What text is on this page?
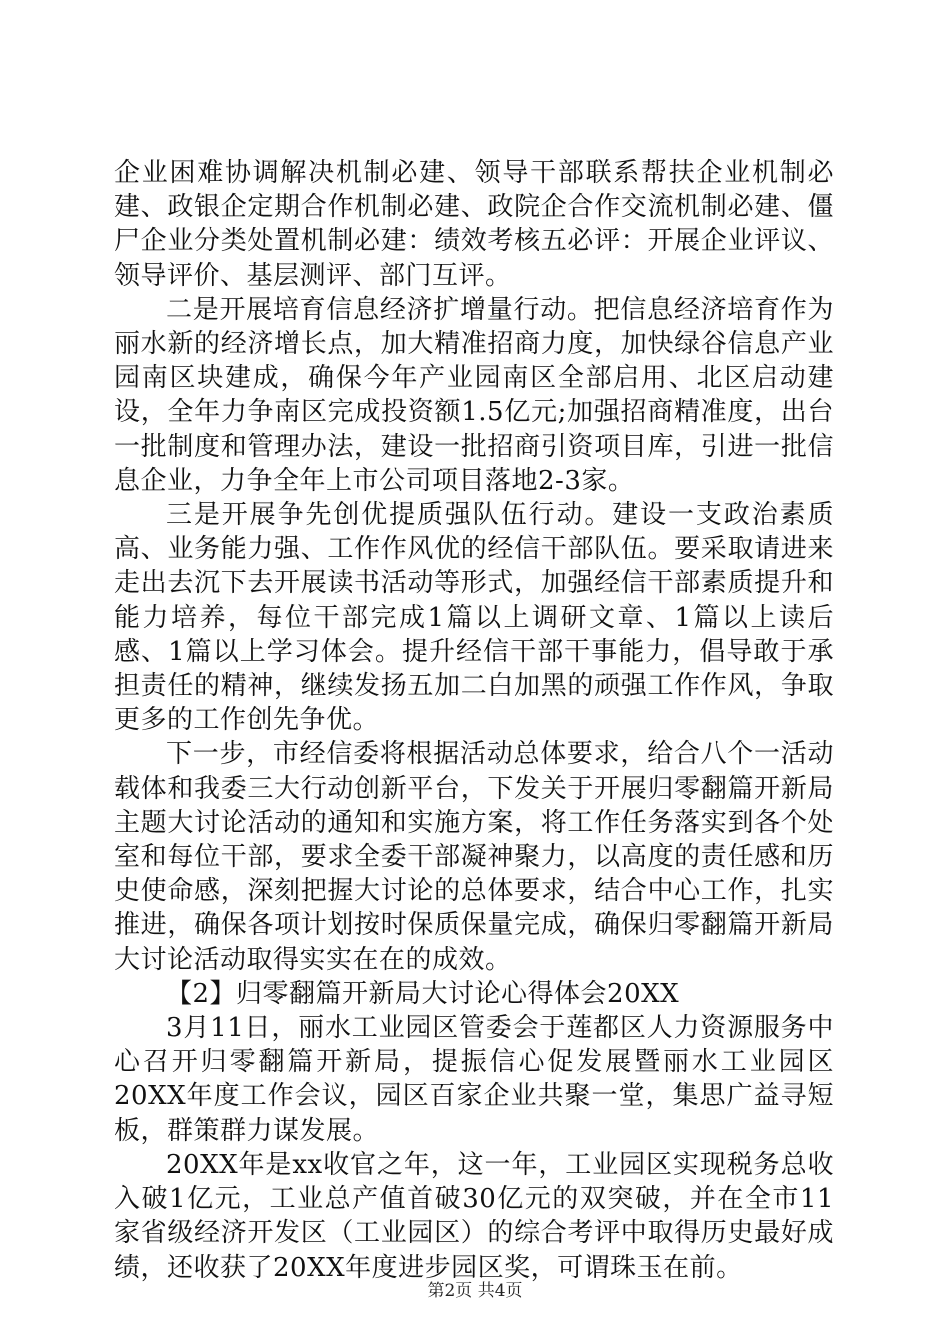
企业困难协调解决机制必建、领导干部联系帮扶企业机制必建、政银企定期合作机制必建、政院企合作交流机制必建、僵尸企业分类处置机制必建：绩效考核五必评：开展企业评议、领导评价、基层测评、部门互评。

二是开展培育信息经济扩增量行动。把信息经济培育作为丽水新的经济增长点，加大精准招商力度，加快绿谷信息产业园南区块建成，确保今年产业园南区全部启用、北区启动建设，全年力争南区完成投资额1.5亿元;加强招商精准度，出台一批制度和管理办法，建设一批招商引资项目库，引进一批信息企业，力争全年上市公司项目落地2-3家。

三是开展争先创优提质强队伍行动。建设一支政治素质高、业务能力强、工作作风优的经信干部队伍。要采取请进来走出去沉下去开展读书活动等形式，加强经信干部素质提升和能力培养，每位干部完成1篇以上调研文章、1篇以上读后感、1篇以上学习体会。提升经信干部干事能力，倡导敢于承担责任的精神，继续发扬五加二白加黑的顽强工作作风，争取更多的工作创先争优。

下一步，市经信委将根据活动总体要求，给合八个一活动载体和我委三大行动创新平台，下发关于开展归零翻篇开新局主题大讨论活动的通知和实施方案，将工作任务落实到各个处室和每位干部，要求全委干部凝神聚力，以高度的责任感和历史使命感，深刻把握大讨论的总体要求，结合中心工作，扎实推进，确保各项计划按时保质保量完成，确保归零翻篇开新局大讨论活动取得实实在在的成效。

【2】归零翻篇开新局大讨论心得体会20XX

3月11日，丽水工业园区管委会于莲都区人力资源服务中心召开归零翻篇开新局，提振信心促发展暨丽水工业园区20XX年度工作会议，园区百家企业共聚一堂，集思广益寻短板，群策群力谋发展。

20XX年是xx收官之年，这一年，工业园区实现税务总收入破1亿元，工业总产值首破30亿元的双突破，并在全市11家省级经济开发区（工业园区）的综合考评中取得历史最好成绩，还收获了20XX年度进步园区奖，可谓珠玉在前。

第2页 共4页
